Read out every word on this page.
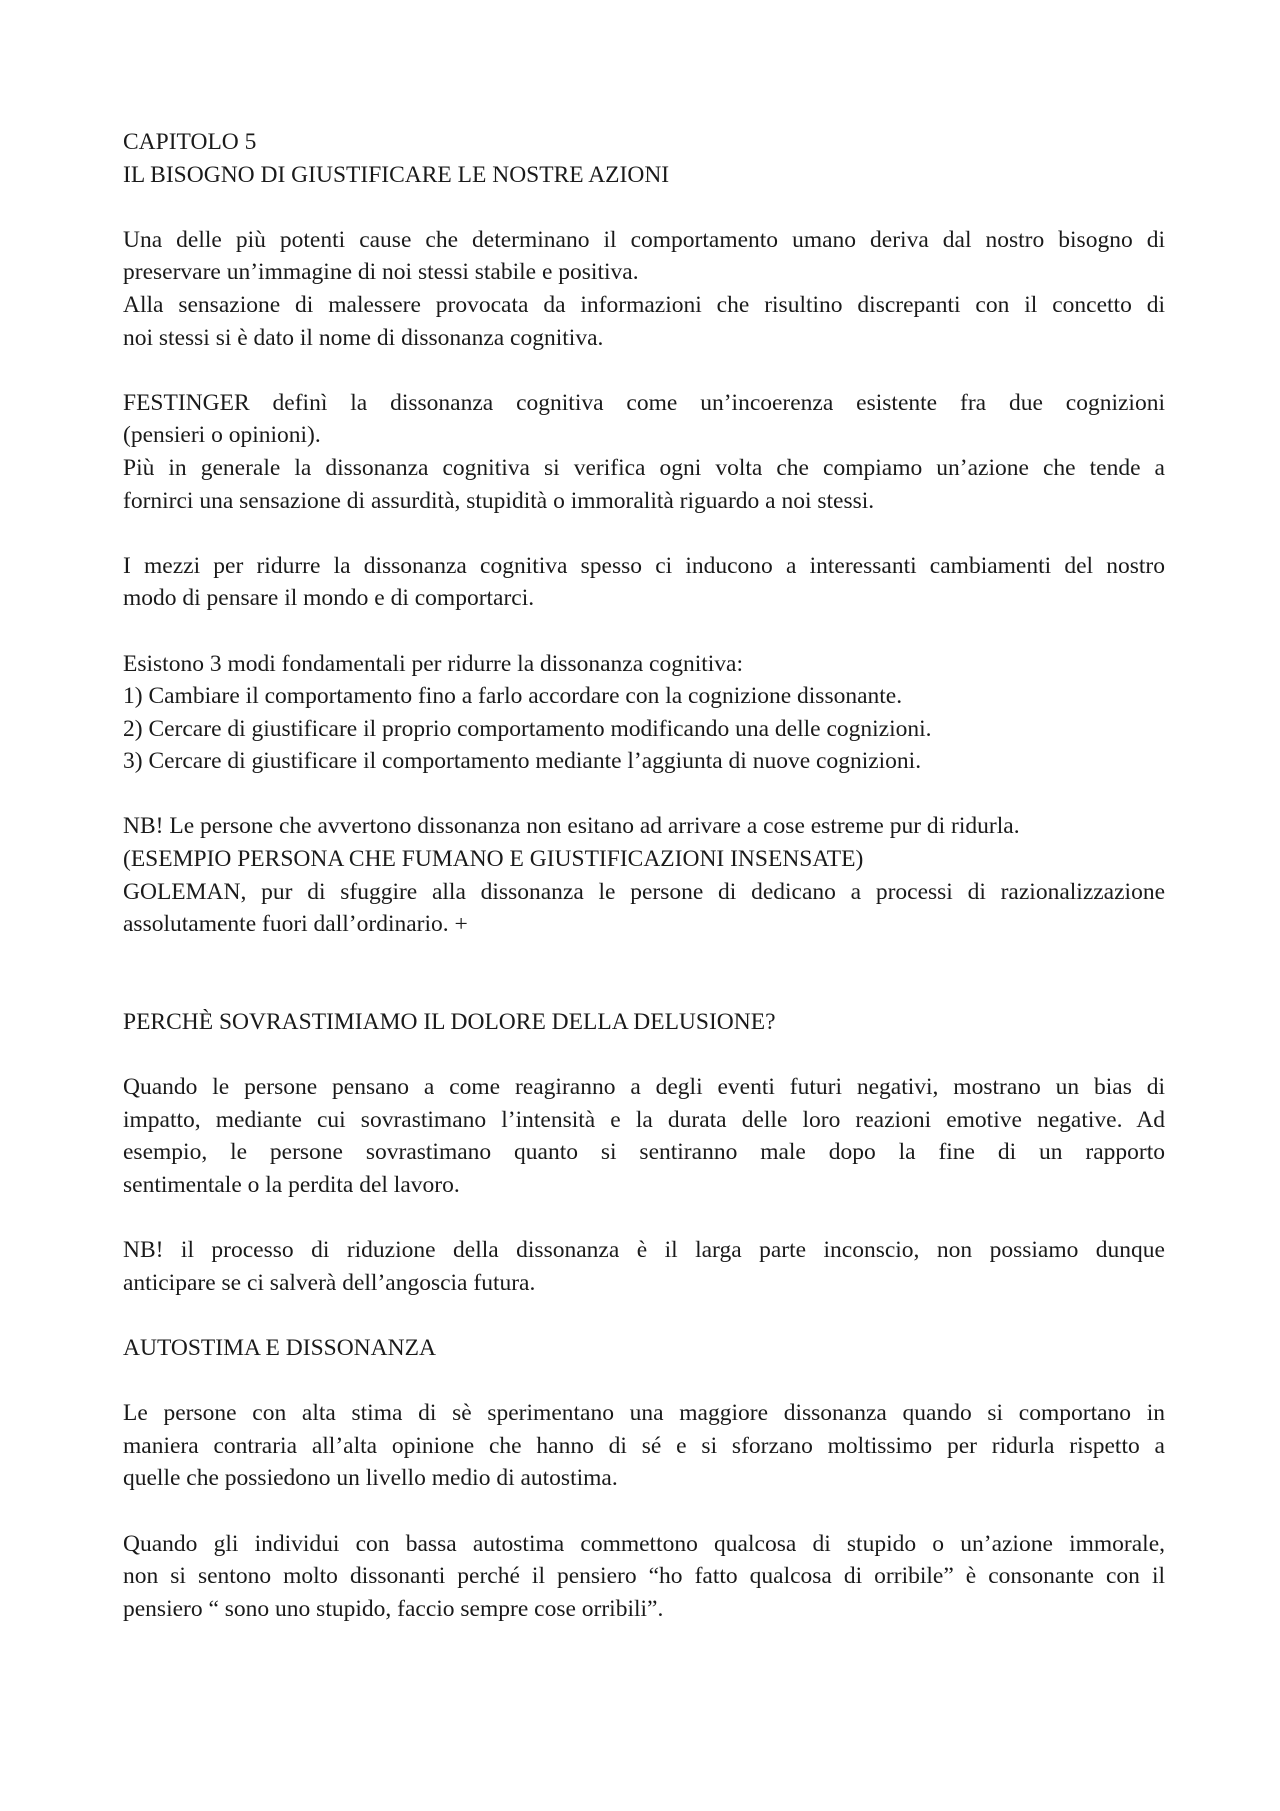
CAPITOLO 5

IL BISOGNO DI GIUSTIFICARE LE NOSTRE AZIONI

Una delle più potenti cause che determinano il comportamento umano deriva dal nostro bisogno di

preservare un’immagine di noi stessi stabile e positiva.

Alla sensazione di malessere provocata da informazioni che risultino discrepanti con il concetto di

noi stessi si è dato il nome di dissonanza cognitiva.

FESTINGER definì la dissonanza cognitiva come un’incoerenza esistente fra due cognizioni

(pensieri o opinioni).

Più in generale la dissonanza cognitiva si verifica ogni volta che compiamo un’azione che tende a

fornirci una sensazione di assurdità, stupidità o immoralità riguardo a noi stessi.

I mezzi per ridurre la dissonanza cognitiva spesso ci inducono a interessanti cambiamenti del nostro

modo di pensare il mondo e di comportarci.

Esistono 3 modi fondamentali per ridurre la dissonanza cognitiva:

1) Cambiare il comportamento fino a farlo accordare con la cognizione dissonante.

2) Cercare di giustificare il proprio comportamento modificando una delle cognizioni.

3) Cercare di giustificare il comportamento mediante l’aggiunta di nuove cognizioni.

NB! Le persone che avvertono dissonanza non esitano ad arrivare a cose estreme pur di ridurla.

(ESEMPIO PERSONA CHE FUMANO E GIUSTIFICAZIONI INSENSATE)

GOLEMAN, pur di sfuggire alla dissonanza le persone di dedicano a processi di razionalizzazione

assolutamente fuori dall’ordinario. +

PERCHÈ SOVRASTIMIAMO IL DOLORE DELLA DELUSIONE?

Quando le persone pensano a come reagiranno a degli eventi futuri negativi, mostrano un bias di

impatto, mediante cui sovrastimano l’intensità e la durata delle loro reazioni emotive negative. Ad

esempio, le persone sovrastimano quanto si sentiranno male dopo la fine di un rapporto

sentimentale o la perdita del lavoro.

NB! il processo di riduzione della dissonanza è il larga parte inconscio, non possiamo dunque

anticipare se ci salverà dell’angoscia futura.

AUTOSTIMA E DISSONANZA

Le persone con alta stima di sè sperimentano una maggiore dissonanza quando si comportano in

maniera contraria all’alta opinione che hanno di sé e si sforzano moltissimo per ridurla rispetto a

quelle che possiedono un livello medio di autostima.

Quando gli individui con bassa autostima commettono qualcosa di stupido o un’azione immorale,

non si sentono molto dissonanti perché il pensiero “ho fatto qualcosa di orribile” è consonante con il

pensiero “ sono uno stupido, faccio sempre cose orribili”.
